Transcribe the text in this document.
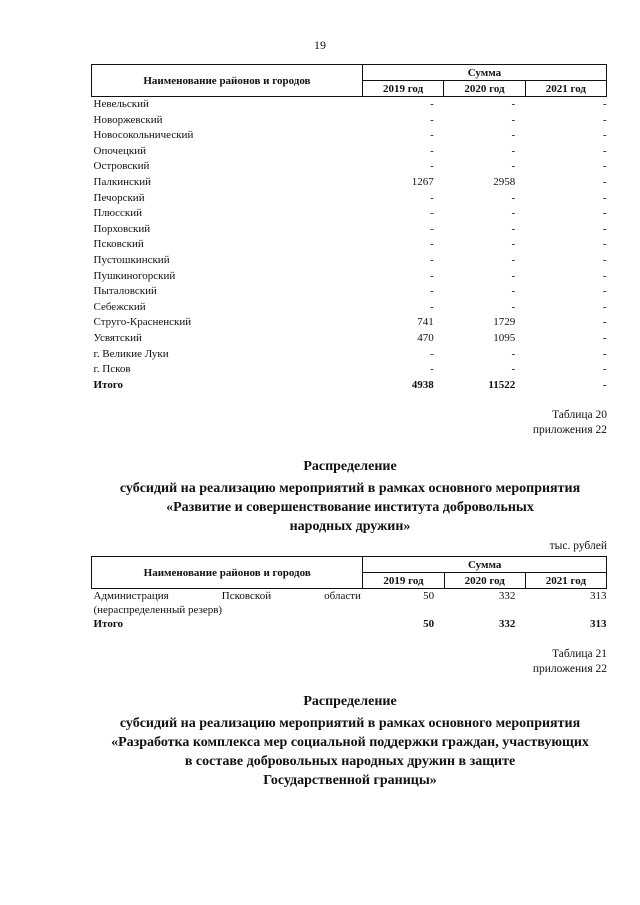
19
Наименование районов и городов	Сумма		
	2019 год	2020 год	2021 год
Невельский	-	-	-
Новоржевский	-	-	-
Новосокольнический	-	-	-
Опочецкий	-	-	-
Островский	-	-	-
Палкинский	1267	2958	-
Печорский	-	-	-
Плюсский	-	-	-
Порховский	-	-	-
Псковский	-	-	-
Пустошкинский	-	-	-
Пушкиногорский	-	-	-
Пыталовский	-	-	-
Себежский	-	-	-
Струго-Красненский	741	1729	-
Усвятский	470	1095	-
г. Великие Луки	-	-	-
г. Псков	-	-	-
Итого	4938	11522	-
Таблица 20
приложения 22
Распределение
субсидий на реализацию мероприятий в рамках основного мероприятия
«Развитие и совершенствование института добровольных
народных дружин»
тыс. рублей
Наименование районов и городов	Сумма		
	2019 год	2020 год	2021 год

Администрация Псковской области
(нераспределенный резерв)	50	332	313
Итого	50	332	313
Таблица 21
приложения 22
Распределение
субсидий на реализацию мероприятий в рамках основного мероприятия
«Разработка комплекса мер социальной поддержки граждан, участвующих
в составе добровольных народных дружин в защите
Государственной границы»
